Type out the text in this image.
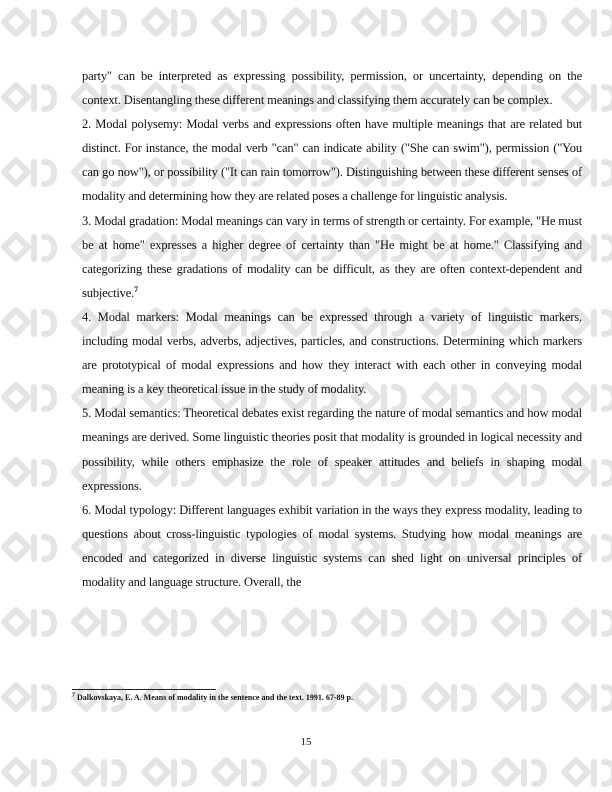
party" can be interpreted as expressing possibility, permission, or uncertainty, depending on the context. Disentangling these different meanings and classifying them accurately can be complex.

2. Modal polysemy: Modal verbs and expressions often have multiple meanings that are related but distinct. For instance, the modal verb "can" can indicate ability ("She can swim"), permission ("You can go now"), or possibility ("It can rain tomorrow"). Distinguishing between these different senses of modality and determining how they are related poses a challenge for linguistic analysis.

3. Modal gradation: Modal meanings can vary in terms of strength or certainty. For example, "He must be at home" expresses a higher degree of certainty than "He might be at home." Classifying and categorizing these gradations of modality can be difficult, as they are often context-dependent and subjective.$^7$

4. Modal markers: Modal meanings can be expressed through a variety of linguistic markers, including modal verbs, adverbs, adjectives, particles, and constructions. Determining which markers are prototypical of modal expressions and how they interact with each other in conveying modal meaning is a key theoretical issue in the study of modality.

5. Modal semantics: Theoretical debates exist regarding the nature of modal semantics and how modal meanings are derived. Some linguistic theories posit that modality is grounded in logical necessity and possibility, while others emphasize the role of speaker attitudes and beliefs in shaping modal expressions.

6. Modal typology: Different languages exhibit variation in the ways they express modality, leading to questions about cross-linguistic typologies of modal systems. Studying how modal meanings are encoded and categorized in diverse linguistic systems can shed light on universal principles of modality and language structure. Overall, the

$^7$ Dalkovskaya, E. A. Means of modality in the sentence and the text. 1991. 67-89 p.
15
